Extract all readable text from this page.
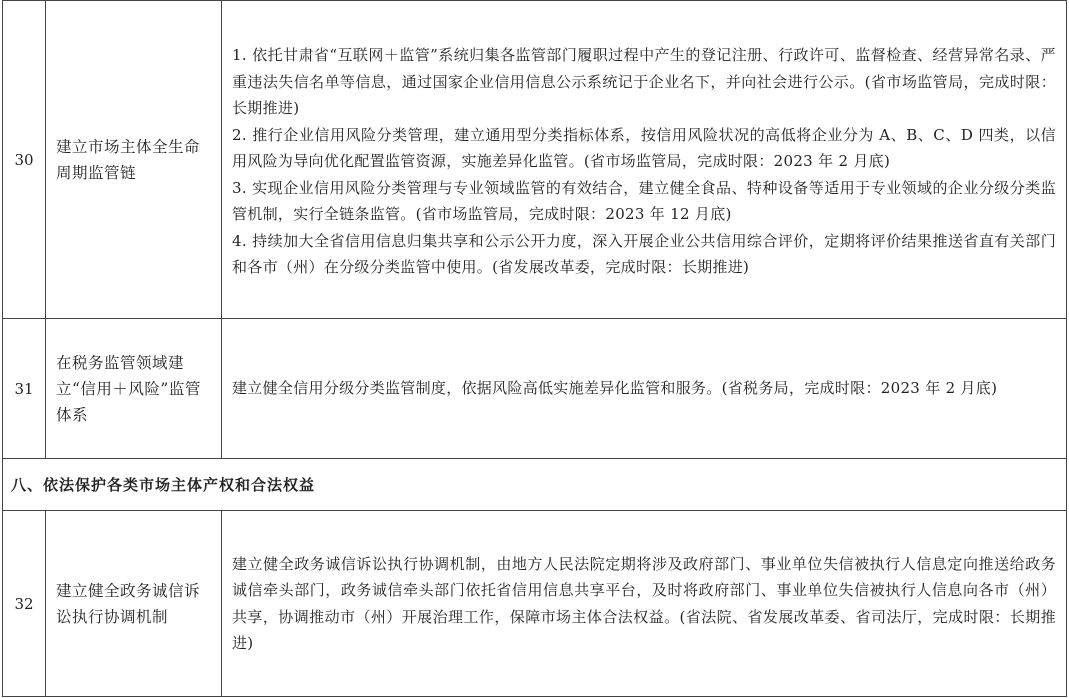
30	建立市场主体全生命周期监管链	1. 依托甘肃省“互联网＋监管”系统归集各监管部门履职过程中产生的登记注册、行政许可、监督检查、经营异常名录、严重违法失信名单等信息，通过国家企业信用信息公示系统记于企业名下，并向社会进行公示。(省市场监管局，完成时限：长期推进)

2. 推行企业信用风险分类管理，建立通用型分类指标体系，按信用风险状况的高低将企业分为 A、B、C、D 四类，以信用风险为导向优化配置监管资源，实施差异化监管。(省市场监管局，完成时限：2023 年 2 月底)

3. 实现企业信用风险分类管理与专业领域监管的有效结合，建立健全食品、特种设备等适用于专业领域的企业分级分类监管机制，实行全链条监管。(省市场监管局，完成时限：2023 年 12 月底)

4. 持续加大全省信用信息归集共享和公示公开力度，深入开展企业公共信用综合评价，定期将评价结果推送省直有关部门和各市（州）在分级分类监管中使用。(省发展改革委，完成时限：长期推进)

31	在税务监管领域建立“信用＋风险”监管体系	建立健全信用分级分类监管制度，依据风险高低实施差异化监管和服务。(省税务局，完成时限：2023 年 2 月底)

八、依法保护各类市场主体产权和合法权益		
32	建立健全政务诚信诉讼执行协调机制	建立健全政务诚信诉讼执行协调机制，由地方人民法院定期将涉及政府部门、事业单位失信被执行人信息定向推送给政务诚信牵头部门，政务诚信牵头部门依托省信用信息共享平台，及时将政府部门、事业单位失信被执行人信息向各市（州）共享，协调推动市（州）开展治理工作，保障市场主体合法权益。(省法院、省发展改革委、省司法厅，完成时限：长期推进)
